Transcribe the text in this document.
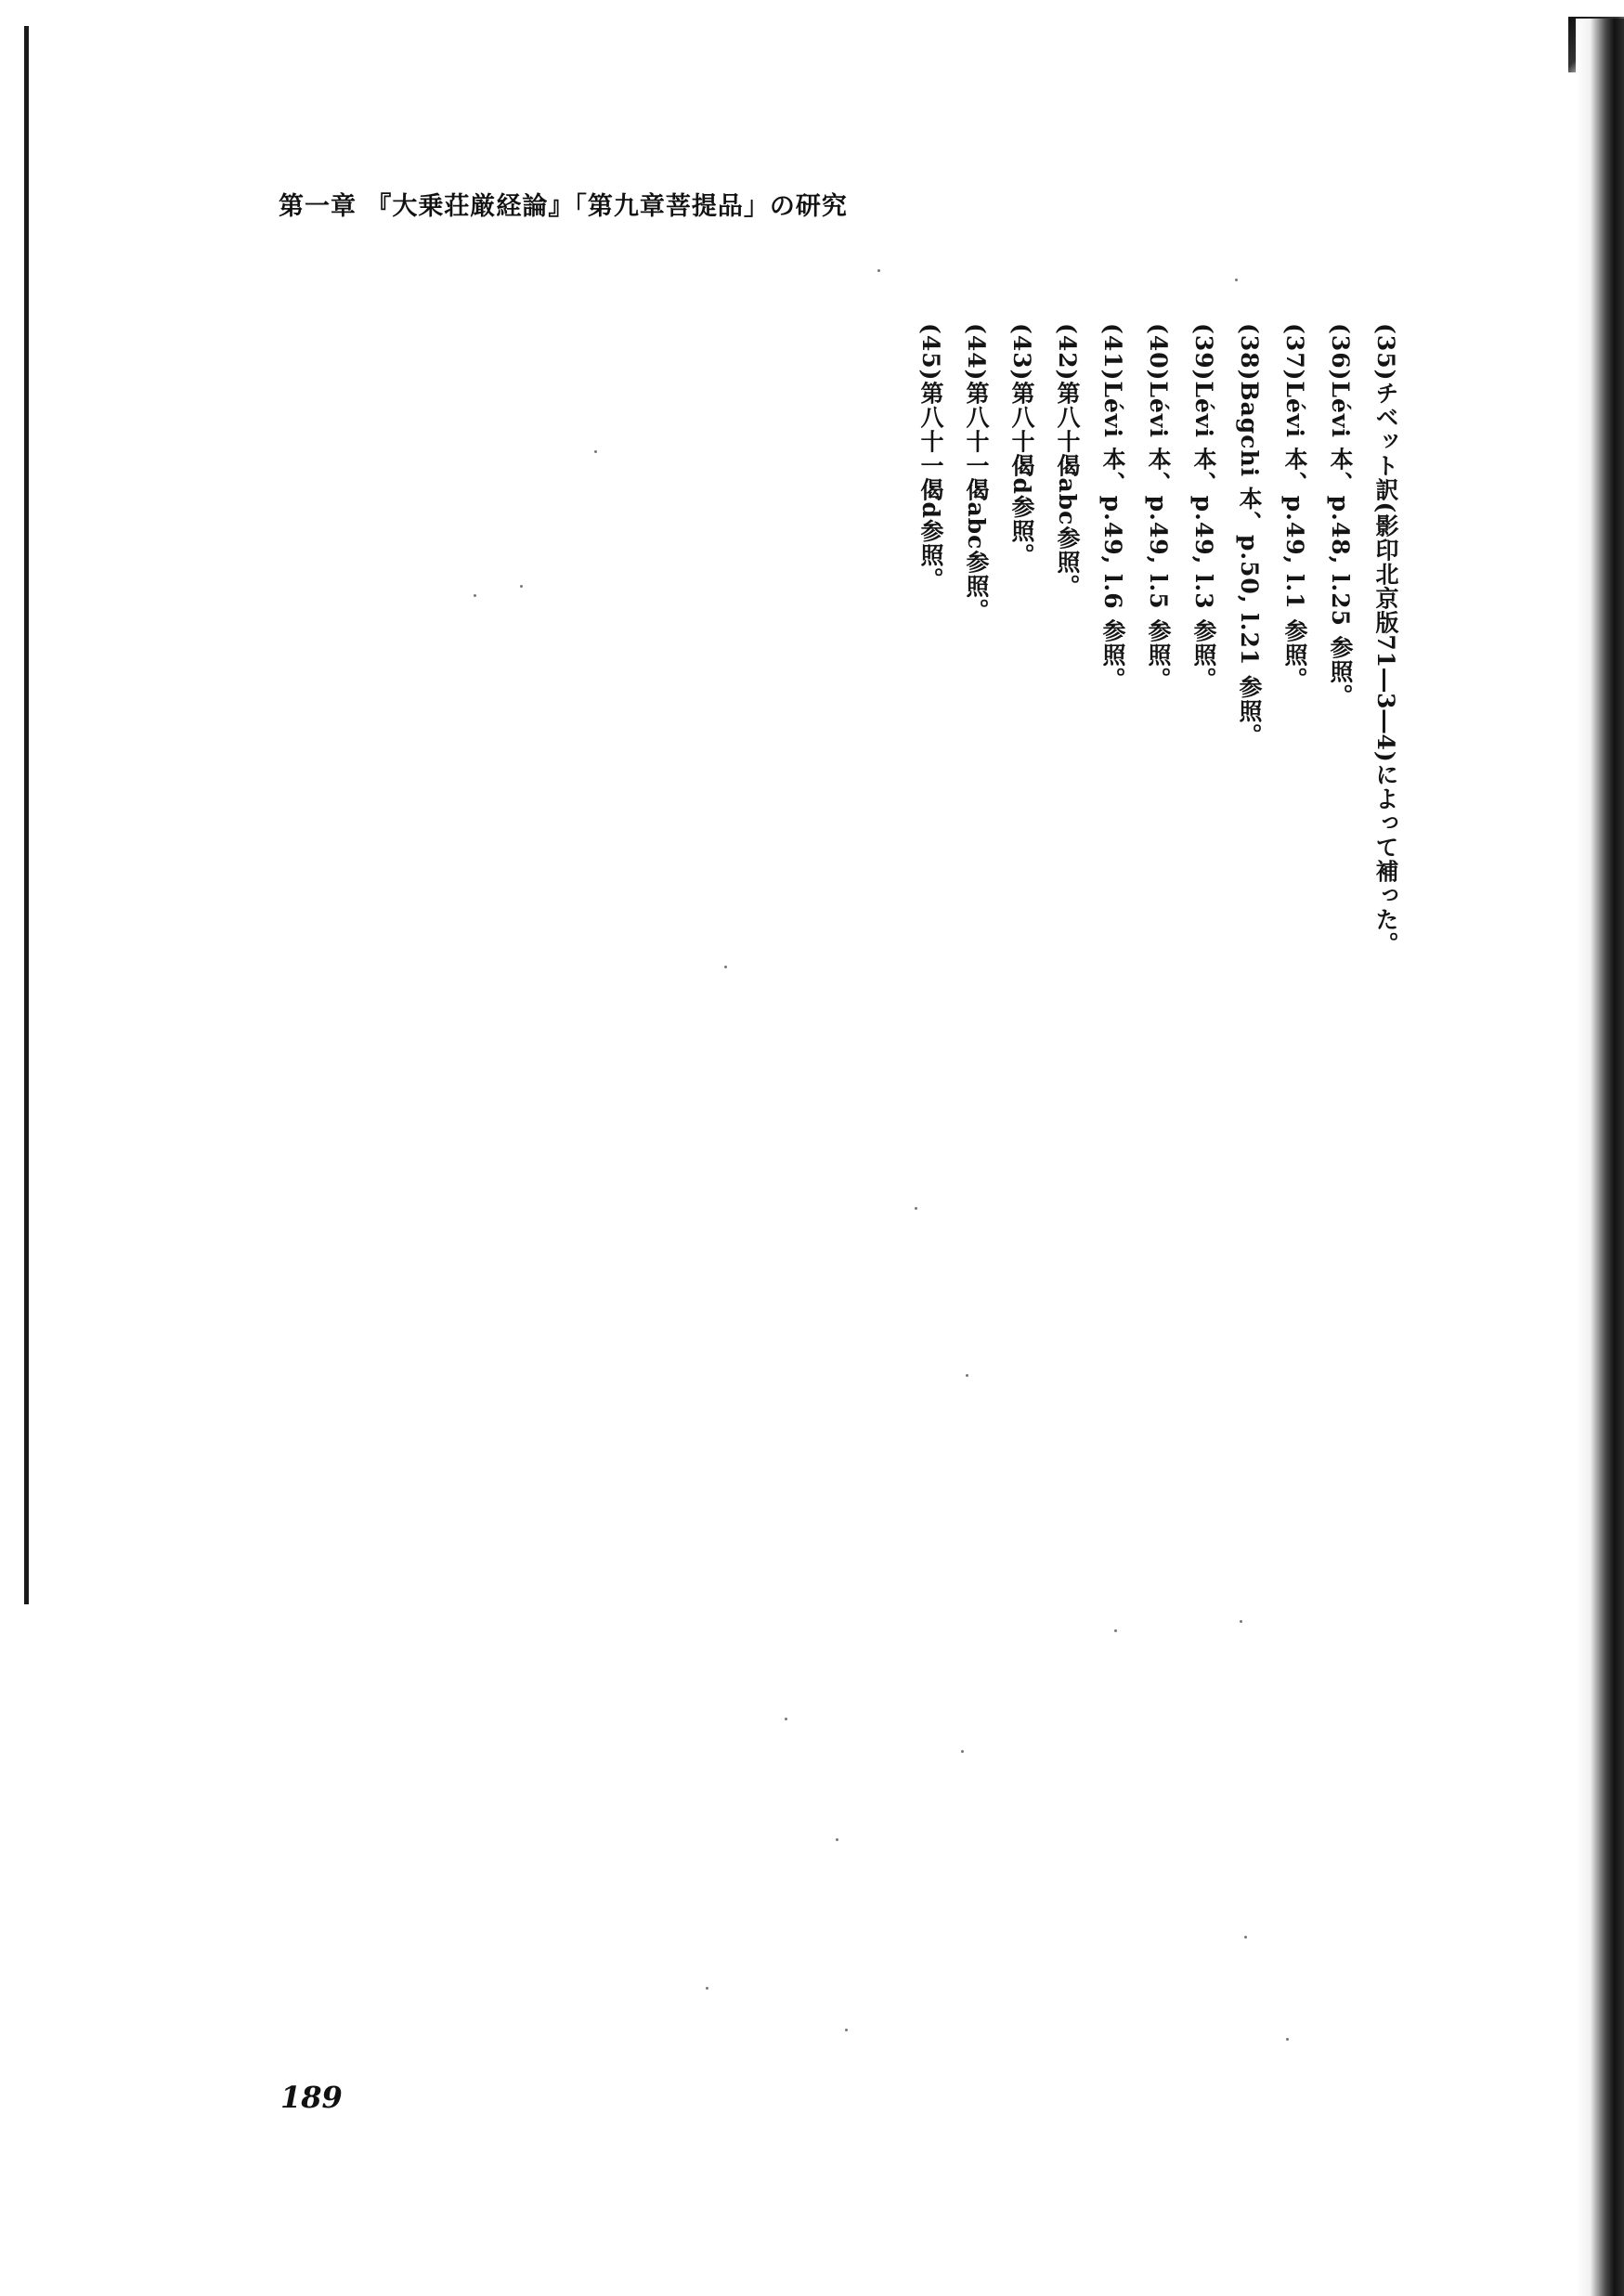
第一章 『大乗荘厳経論』「第九章菩提品」の研究
(35)チベット訳(影印北京版71―3―4)によって補った。
(36)Lévi 本、p.48, l.25 参照。
(37)Lévi 本、p.49, l.1 参照。
(38)Bagchi 本、p.50, l.21 参照。
(39)Lévi 本、p.49, l.3 参照。
(40)Lévi 本、p.49, l.5 参照。
(41)Lévi 本、p.49, l.6 参照。
(42)第八十偈abc参照。
(43)第八十偈d参照。
(44)第八十一偈abc参照。
(45)第八十一偈d参照。
189
